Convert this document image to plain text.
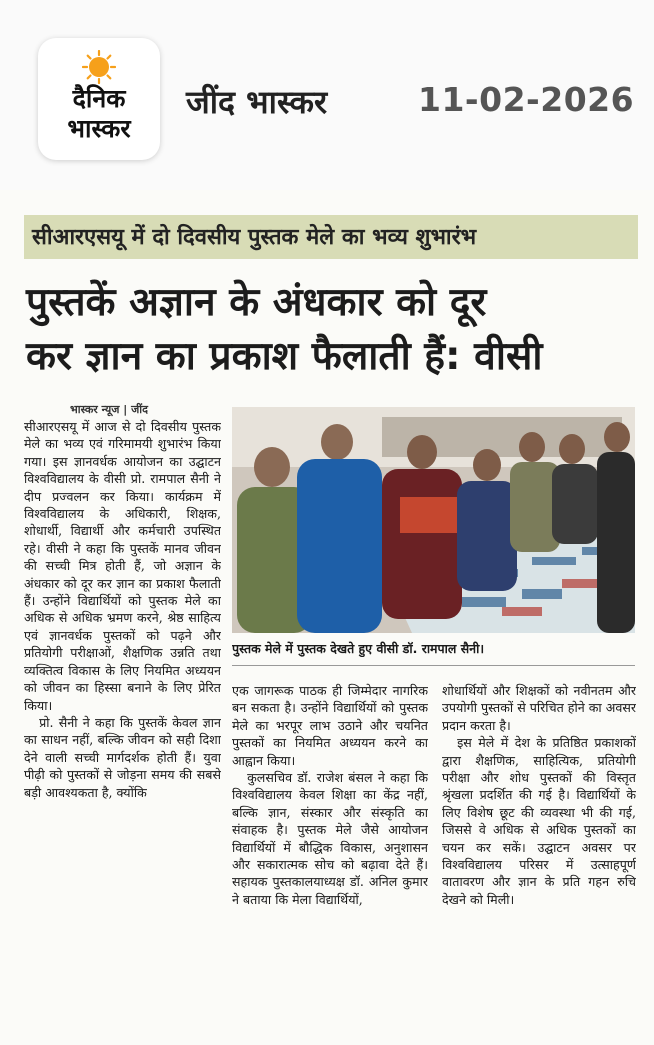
दैनिक
भास्कर
जींद भास्कर	11-02-2026
सीआरएसयू में दो दिवसीय पुस्तक मेले का भव्य शुभारंभ
पुस्तकें अज्ञान के अंधकार को दूर
कर ज्ञान का प्रकाश फैलाती हैं: वीसी
भास्कर न्यूज | जींद

सीआरएसयू में आज से दो दिवसीय पुस्तक मेले का भव्य एवं गरिमामयी शुभारंभ किया गया। इस ज्ञानवर्धक आयोजन का उद्घाटन विश्वविद्यालय के वीसी प्रो. रामपाल सैनी ने दीप प्रज्वलन कर किया। कार्यक्रम में विश्वविद्यालय के अधिकारी, शिक्षक, शोधार्थी, विद्यार्थी और कर्मचारी उपस्थित रहे। वीसी ने कहा कि पुस्तकें मानव जीवन की सच्ची मित्र होती हैं, जो अज्ञान के अंधकार को दूर कर ज्ञान का प्रकाश फैलाती हैं। उन्होंने विद्यार्थियों को पुस्तक मेले का अधिक से अधिक भ्रमण करने, श्रेष्ठ साहित्य एवं ज्ञानवर्धक पुस्तकों को पढ़ने और प्रतियोगी परीक्षाओं, शैक्षणिक उन्नति तथा व्यक्तित्व विकास के लिए नियमित अध्ययन को जीवन का हिस्सा बनाने के लिए प्रेरित किया।

प्रो. सैनी ने कहा कि पुस्तकें केवल ज्ञान का साधन नहीं, बल्कि जीवन को सही दिशा देने वाली सच्ची मार्गदर्शक होती हैं। युवा पीढ़ी को पुस्तकों से जोड़ना समय की सबसे बड़ी आवश्यकता है, क्योंकि

पुस्तक मेले में पुस्तक देखते हुए वीसी डॉ. रामपाल सैनी।

एक जागरूक पाठक ही जिम्मेदार नागरिक बन सकता है। उन्होंने विद्यार्थियों को पुस्तक मेले का भरपूर लाभ उठाने और चयनित पुस्तकों का नियमित अध्ययन करने का आह्वान किया।

कुलसचिव डॉ. राजेश बंसल ने कहा कि विश्वविद्यालय केवल शिक्षा का केंद्र नहीं, बल्कि ज्ञान, संस्कार और संस्कृति का संवाहक है। पुस्तक मेले जैसे आयोजन विद्यार्थियों में बौद्धिक विकास, अनुशासन और सकारात्मक सोच को बढ़ावा देते हैं। सहायक पुस्तकालयाध्यक्ष डॉ. अनिल कुमार ने बताया कि मेला विद्यार्थियों,

शोधार्थियों और शिक्षकों को नवीनतम और उपयोगी पुस्तकों से परिचित होने का अवसर प्रदान करता है।

इस मेले में देश के प्रतिष्ठित प्रकाशकों द्वारा शैक्षणिक, साहित्यिक, प्रतियोगी परीक्षा और शोध पुस्तकों की विस्तृत श्रृंखला प्रदर्शित की गई है। विद्यार्थियों के लिए विशेष छूट की व्यवस्था भी की गई, जिससे वे अधिक से अधिक पुस्तकों का चयन कर सकें। उद्घाटन अवसर पर विश्वविद्यालय परिसर में उत्साहपूर्ण वातावरण और ज्ञान के प्रति गहन रुचि देखने को मिली।
